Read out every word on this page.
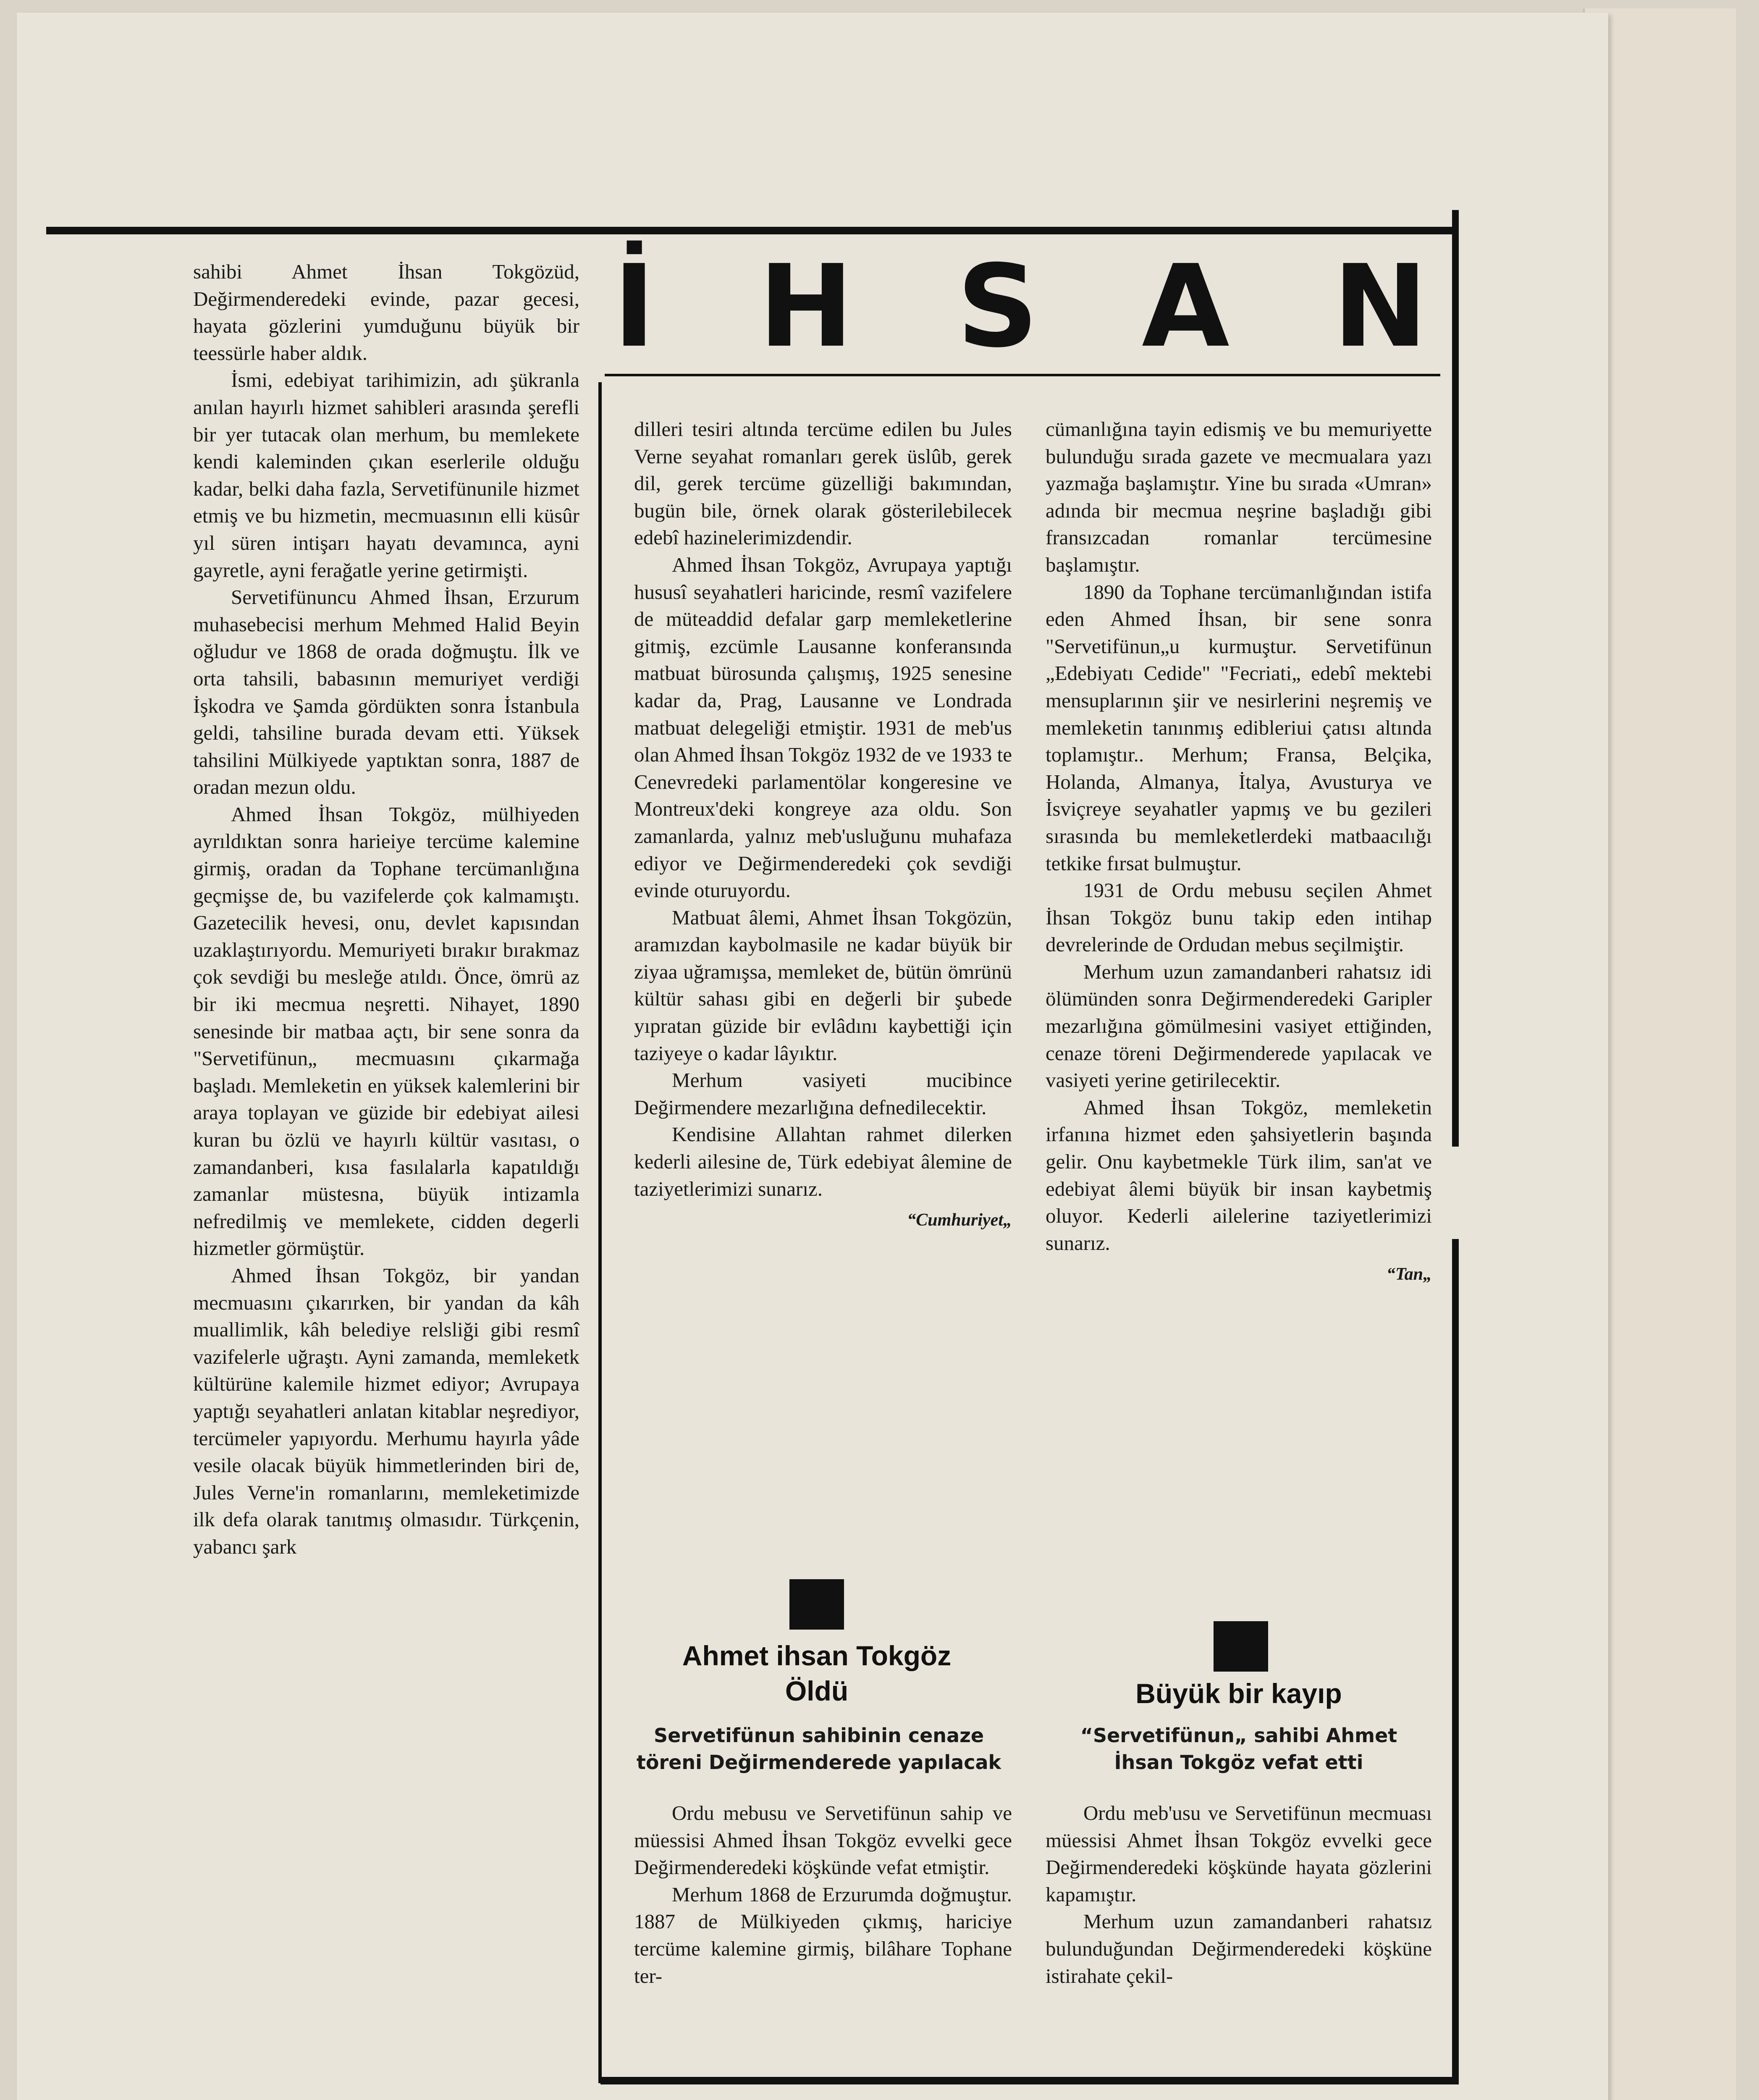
İ H S A N

sahibi Ahmet İhsan Tokgözüd, Değirmenderedeki evinde, pazar gecesi, hayata gözlerini yumduğunu büyük bir teessürle haber aldık.

İsmi, edebiyat tarihimizin, adı şükranla anılan hayırlı hizmet sahibleri arasında şerefli bir yer tutacak olan merhum, bu memlekete kendi kaleminden çıkan eserlerile olduğu kadar, belki daha fazla, Servetifünunile hizmet etmiş ve bu hizmetin, mecmuasının elli küsûr yıl süren intişarı hayatı devamınca, ayni gayretle, ayni ferağatle yerine getirmişti.

Servetifünuncu Ahmed İhsan, Erzurum muhasebecisi merhum Mehmed Halid Beyin oğludur ve 1868 de orada doğmuştu. İlk ve orta tahsili, babasının memuriyet verdiği İşkodra ve Şamda gördükten sonra İstanbula geldi, tahsiline burada devam etti. Yüksek tahsilini Mülkiyede yaptıktan sonra, 1887 de oradan mezun oldu.

Ahmed İhsan Tokgöz, mülhiyeden ayrıldıktan sonra harieiye tercüme kalemine girmiş, oradan da Tophane tercümanlığına geçmişse de, bu vazifelerde çok kalmamıştı. Gazetecilik hevesi, onu, devlet kapısından uzaklaştırıyordu. Memuriyeti bırakır bırakmaz çok sevdiği bu mesleğe atıldı. Önce, ömrü az bir iki mecmua neşretti. Nihayet, 1890 senesinde bir matbaa açtı, bir sene sonra da "Servetifünun„ mecmuasını çıkarmağa başladı. Memleketin en yüksek kalemlerini bir araya toplayan ve güzide bir edebiyat ailesi kuran bu özlü ve hayırlı kültür vasıtası, o zamandanberi, kısa fasılalarla kapatıldığı zamanlar müstesna, büyük intizamla nefredilmiş ve memlekete, cidden degerli hizmetler görmüştür.

Ahmed İhsan Tokgöz, bir yandan mecmuasını çıkarırken, bir yandan da kâh muallimlik, kâh belediye relsliği gibi resmî vazifelerle uğraştı. Ayni zamanda, memleketk kültürüne kalemile hizmet ediyor; Avrupaya yaptığı seyahatleri anlatan kitablar neşrediyor, tercümeler yapıyordu. Merhumu hayırla yâde vesile olacak büyük himmetlerinden biri de, Jules Verne'in romanlarını, memleketimizde ilk defa olarak tanıtmış olmasıdır. Türkçenin, yabancı şark

dilleri tesiri altında tercüme edilen bu Jules Verne seyahat romanları gerek üslûb, gerek dil, gerek tercüme güzelliği bakımından, bugün bile, örnek olarak gösterilebilecek edebî hazinelerimizdendir.

Ahmed İhsan Tokgöz, Avrupaya yaptığı hususî seyahatleri haricinde, resmî vazifelere de müteaddid defalar garp memleketlerine gitmiş, ezcümle Lausanne konferansında matbuat bürosunda çalışmış, 1925 senesine kadar da, Prag, Lausanne ve Londrada matbuat delegeliği etmiştir. 1931 de meb'us olan Ahmed İhsan Tokgöz 1932 de ve 1933 te Cenevredeki parlamentölar kongeresine ve Montreux'deki kongreye aza oldu. Son zamanlarda, yalnız meb'usluğunu muhafaza ediyor ve Değirmenderedeki çok sevdiği evinde oturuyordu.

Matbuat âlemi, Ahmet İhsan Tokgözün, aramızdan kaybolmasile ne kadar büyük bir ziyaa uğramışsa, memleket de, bütün ömrünü kültür sahası gibi en değerli bir şubede yıpratan güzide bir evlâdını kaybettiği için taziyeye o kadar lâyıktır.

Merhum vasiyeti mucibince Değirmendere mezarlığına defnedilecektir.

Kendisine Allahtan rahmet dilerken kederli ailesine de, Türk edebiyat âlemine de taziyetlerimizi sunarız.

“Cumhuriyet„

cümanlığına tayin edismiş ve bu memuriyette bulunduğu sırada gazete ve mecmualara yazı yazmağa başlamıştır. Yine bu sırada «Umran» adında bir mecmua neşrine başladığı gibi fransızcadan romanlar tercümesine başlamıştır.

1890 da Tophane tercümanlığından istifa eden Ahmed İhsan, bir sene sonra "Servetifünun„u kurmuştur. Servetifünun „Edebiyatı Cedide" "Fecriati„ edebî mektebi mensuplarının şiir ve nesirlerini neşremiş ve memleketin tanınmış edibleriui çatısı altında toplamıştır.. Merhum; Fransa, Belçika, Holanda, Almanya, İtalya, Avusturya ve İsviçreye seyahatler yapmış ve bu gezileri sırasında bu memleketlerdeki matbaacılığı tetkike fırsat bulmuştur.

1931 de Ordu mebusu seçilen Ahmet İhsan Tokgöz bunu takip eden intihap devrelerinde de Ordudan mebus seçilmiştir.

Merhum uzun zamandanberi rahatsız idi ölümünden sonra Değirmenderedeki Garipler mezarlığına gömülmesini vasiyet ettiğinden, cenaze töreni Değirmenderede yapılacak ve vasiyeti yerine getirilecektir.

Ahmed İhsan Tokgöz, memleketin irfanına hizmet eden şahsiyetlerin başında gelir. Onu kaybetmekle Türk ilim, san'at ve edebiyat âlemi büyük bir insan kaybetmiş oluyor. Kederli ailelerine taziyetlerimizi sunarız.

“Tan„
Ahmet ihsan Tokgöz
Öldü
Servetifünun sahibinin cenaze töreni Değirmenderede yapılacak

Ordu mebusu ve Servetifünun sahip ve müessisi Ahmed İhsan Tokgöz evvelki gece Değirmenderedeki köşkünde vefat etmiştir.

Merhum 1868 de Erzurumda doğmuştur. 1887 de Mülkiyeden çıkmış, hariciye tercüme kalemine girmiş, bilâhare Tophane ter-

Büyük bir kayıp
“Servetifünun„ sahibi Ahmet İhsan Tokgöz vefat etti

Ordu meb'usu ve Servetifünun mecmuası müessisi Ahmet İhsan Tokgöz evvelki gece Değirmenderedeki köşkünde hayata gözlerini kapamıştır.

Merhum uzun zamandanberi rahatsız bulunduğundan Değirmenderedeki köşküne istirahate çekil-
